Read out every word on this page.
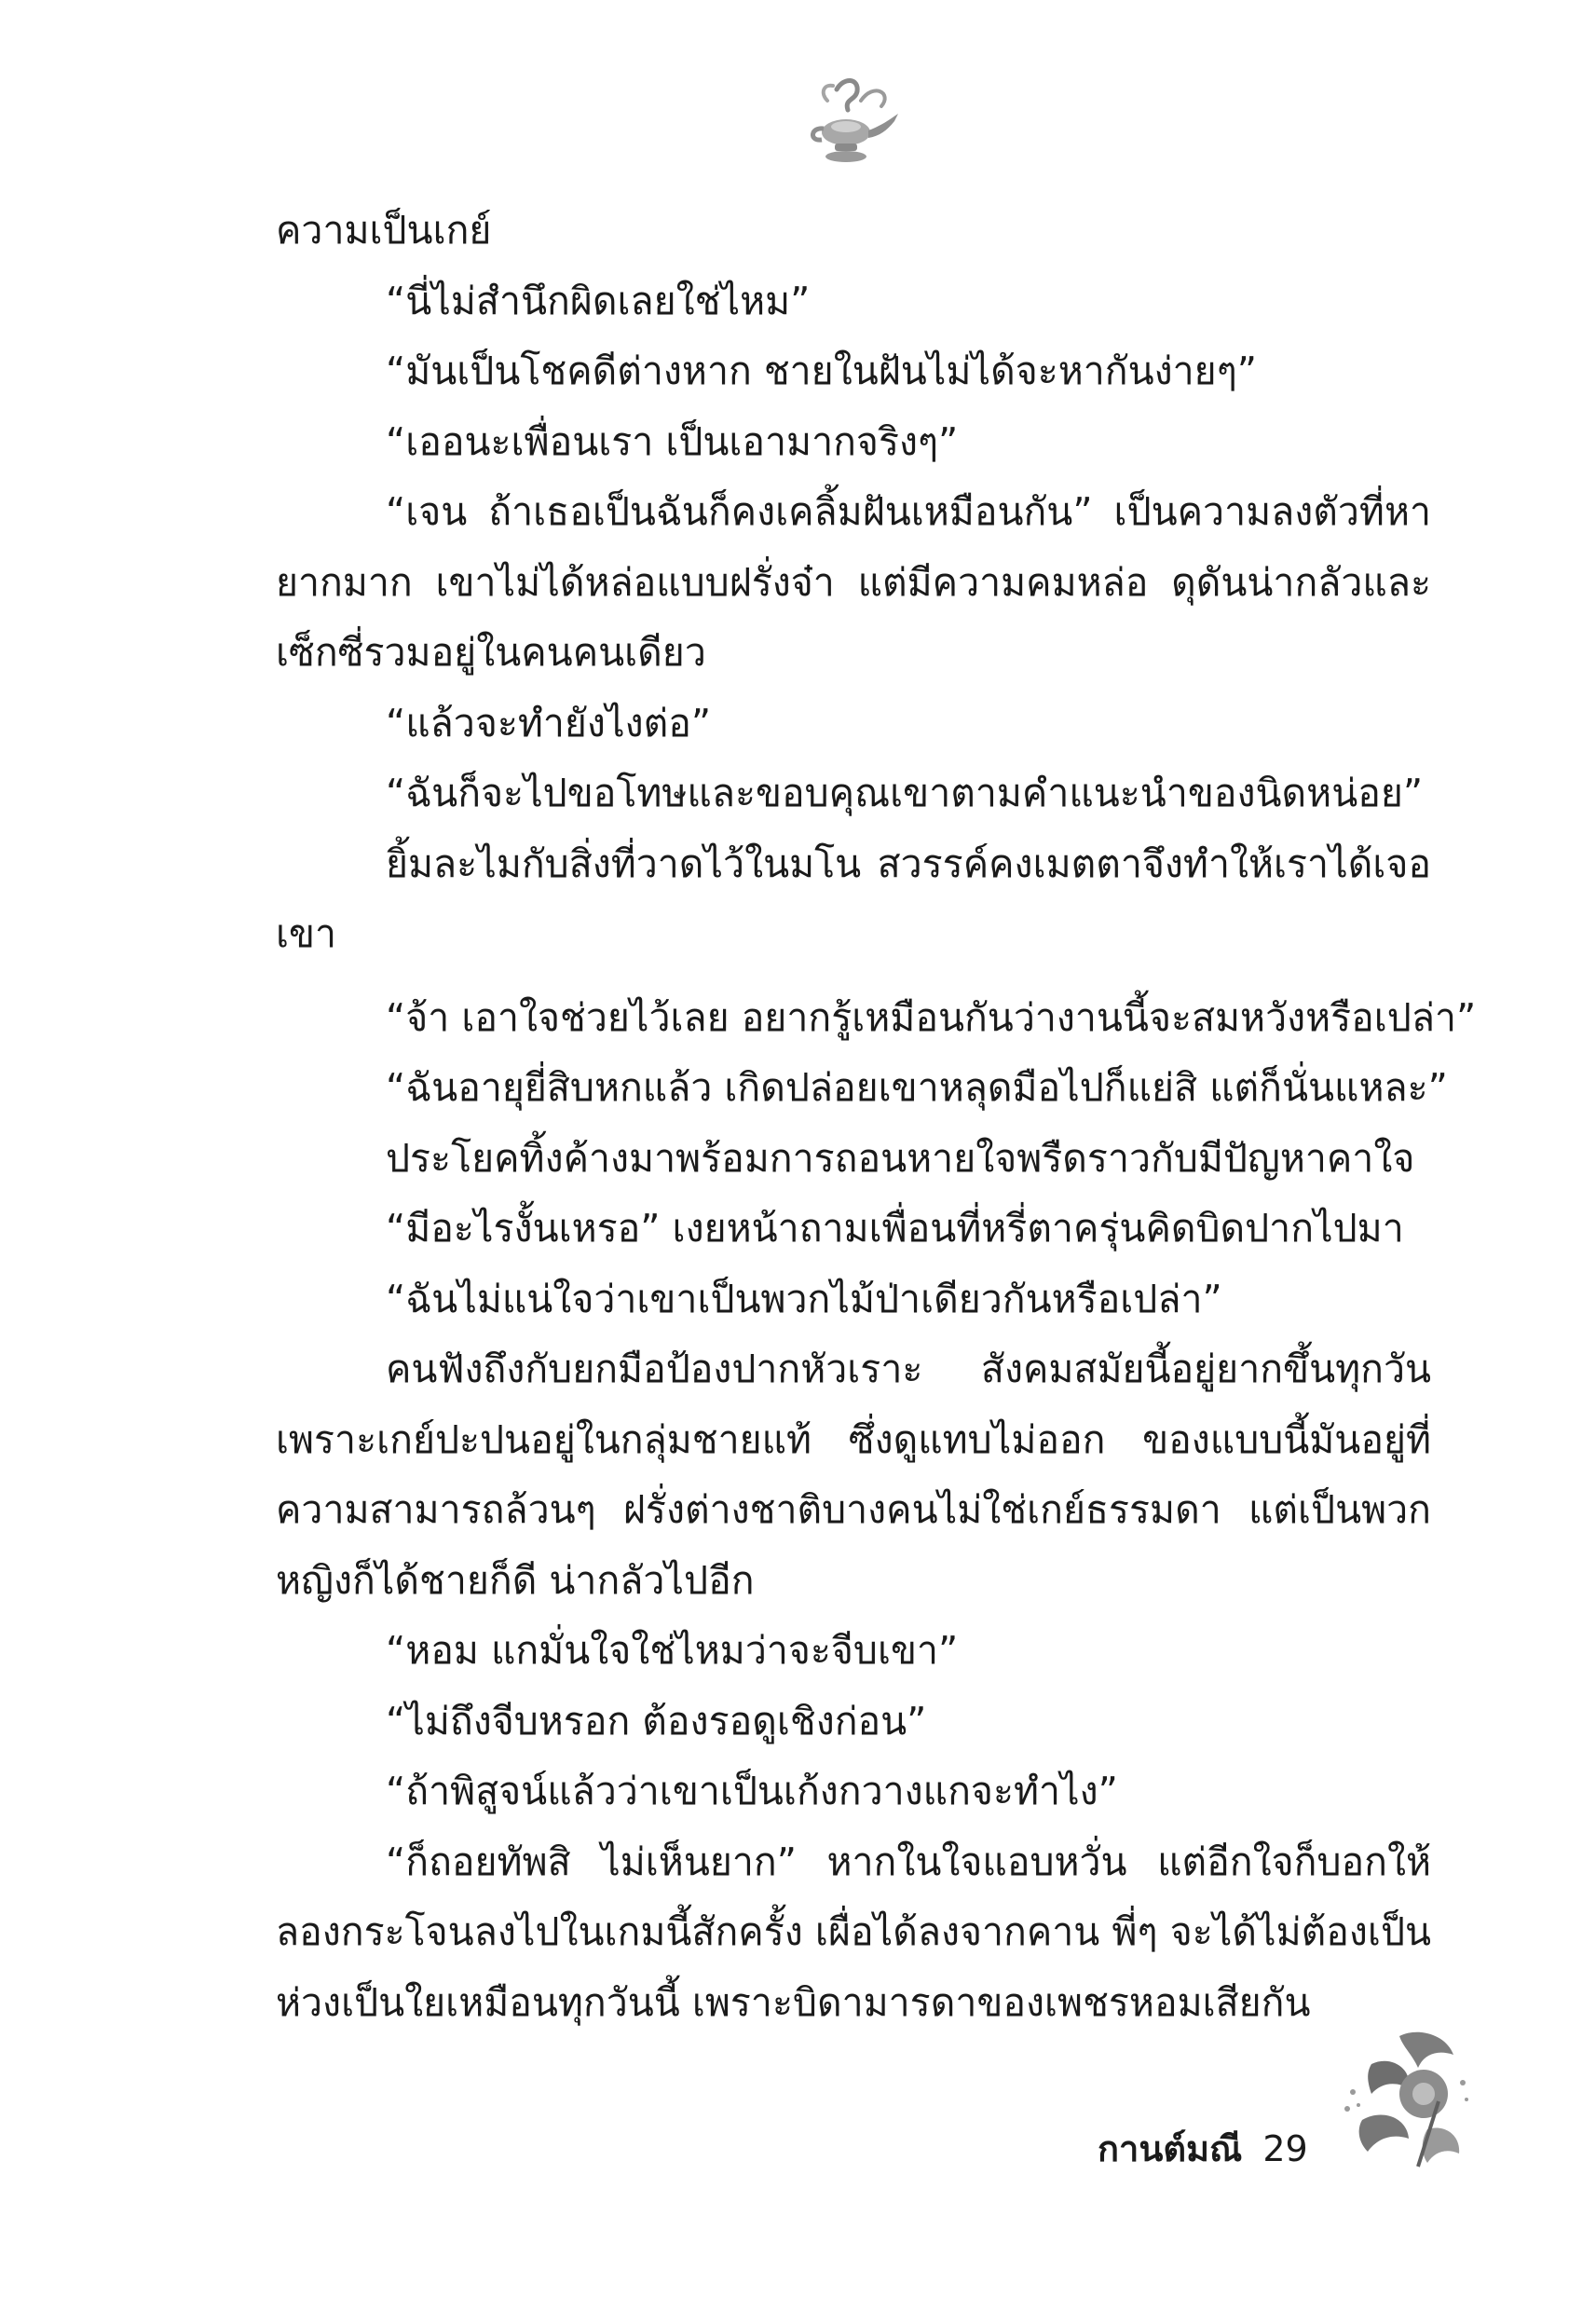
ความเป็นเกย์

“นี่ไม่สำนึกผิดเลยใช่ไหม”

“มันเป็นโชคดีต่างหาก ชายในฝันไม่ได้จะหากันง่ายๆ”

“เออนะเพื่อนเรา เป็นเอามากจริงๆ”

“เจน ถ้าเธอเป็นฉันก็คงเคลิ้มฝันเหมือนกัน” เป็นความลงตัวที่หายากมาก เขาไม่ได้หล่อแบบฝรั่งจ๋า แต่มีความคมหล่อ ดุดันน่ากลัวและเซ็กซี่รวมอยู่ในคนคนเดียว

“แล้วจะทำยังไงต่อ”

“ฉันก็จะไปขอโทษและขอบคุณเขาตามคำแนะนำของนิดหน่อย”

ยิ้มละไมกับสิ่งที่วาดไว้ในมโน สวรรค์คงเมตตาจึงทำให้เราได้เจอเขา

“จ้า เอาใจช่วยไว้เลย อยากรู้เหมือนกันว่างานนี้จะสมหวังหรือเปล่า”

“ฉันอายุยี่สิบหกแล้ว เกิดปล่อยเขาหลุดมือไปก็แย่สิ แต่ก็นั่นแหละ”

ประโยคทิ้งค้างมาพร้อมการถอนหายใจพรืดราวกับมีปัญหาคาใจ

“มีอะไรงั้นเหรอ” เงยหน้าถามเพื่อนที่หรี่ตาครุ่นคิดบิดปากไปมา

“ฉันไม่แน่ใจว่าเขาเป็นพวกไม้ป่าเดียวกันหรือเปล่า”

คนฟังถึงกับยกมือป้องปากหัวเราะ สังคมสมัยนี้อยู่ยากขึ้นทุกวันเพราะเกย์ปะปนอยู่ในกลุ่มชายแท้ ซึ่งดูแทบไม่ออก ของแบบนี้มันอยู่ที่ความสามารถล้วนๆ ฝรั่งต่างชาติบางคนไม่ใช่เกย์ธรรมดา แต่เป็นพวกหญิงก็ได้ชายก็ดี น่ากลัวไปอีก

“หอม แกมั่นใจใช่ไหมว่าจะจีบเขา”

“ไม่ถึงจีบหรอก ต้องรอดูเชิงก่อน”

“ถ้าพิสูจน์แล้วว่าเขาเป็นเก้งกวางแกจะทำไง”

“ก็ถอยทัพสิ ไม่เห็นยาก” หากในใจแอบหวั่น แต่อีกใจก็บอกให้ลองกระโจนลงไปในเกมนี้สักครั้ง เผื่อได้ลงจากคาน พี่ๆ จะได้ไม่ต้องเป็นห่วงเป็นใยเหมือนทุกวันนี้ เพราะบิดามารดาของเพชรหอมเสียกัน

กานต์มณี 29
